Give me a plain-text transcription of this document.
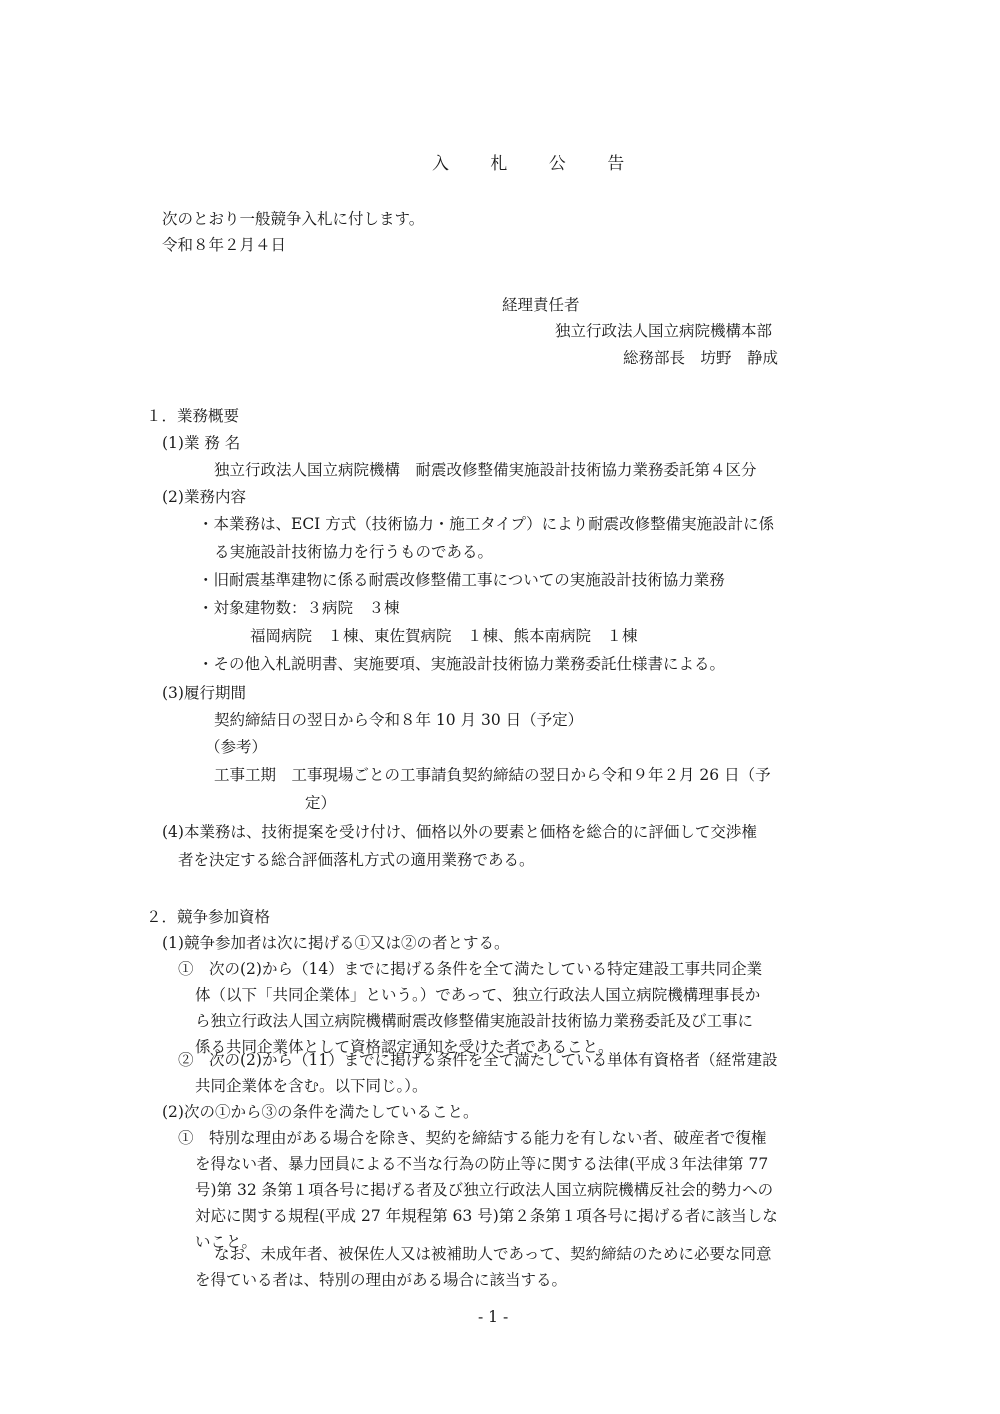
入 札 公 告
次のとおり一般競争入札に付します。
令和８年２月４日
経理責任者
独立行政法人国立病院機構本部
総務部長　坊野　静成
１．業務概要
(1)業 務 名
独立行政法人国立病院機構　耐震改修整備実施設計技術協力業務委託第４区分
(2)業務内容
・本業務は、ECI 方式（技術協力・施工タイプ）により耐震改修整備実施設計に係
る実施設計技術協力を行うものである。
・旧耐震基準建物に係る耐震改修整備工事についての実施設計技術協力業務
・対象建物数：３病院　３棟
福岡病院　１棟、東佐賀病院　１棟、熊本南病院　１棟
・その他入札説明書、実施要項、実施設計技術協力業務委託仕様書による。
(3)履行期間
契約締結日の翌日から令和８年 10 月 30 日（予定）
（参考）
工事工期　工事現場ごとの工事請負契約締結の翌日から令和９年２月 26 日（予
定）
(4)本業務は、技術提案を受け付け、価格以外の要素と価格を総合的に評価して交渉権
者を決定する総合評価落札方式の適用業務である。
２．競争参加資格
(1)競争参加者は次に掲げる①又は②の者とする。
①　次の(2)から（14）までに掲げる条件を全て満たしている特定建設工事共同企業
体（以下「共同企業体」という。）であって、独立行政法人国立病院機構理事長か
ら独立行政法人国立病院機構耐震改修整備実施設計技術協力業務委託及び工事に
係る共同企業体として資格認定通知を受けた者であること。
②　次の(2)から（11）までに掲げる条件を全て満たしている単体有資格者（経常建設
共同企業体を含む。以下同じ。）。
(2)次の①から③の条件を満たしていること。
①　特別な理由がある場合を除き、契約を締結する能力を有しない者、破産者で復権
を得ない者、暴力団員による不当な行為の防止等に関する法律(平成３年法律第 77
号)第 32 条第１項各号に掲げる者及び独立行政法人国立病院機構反社会的勢力への
対応に関する規程(平成 27 年規程第 63 号)第２条第１項各号に掲げる者に該当しな
いこと。
なお、未成年者、被保佐人又は被補助人であって、契約締結のために必要な同意
を得ている者は、特別の理由がある場合に該当する。
- 1 -
